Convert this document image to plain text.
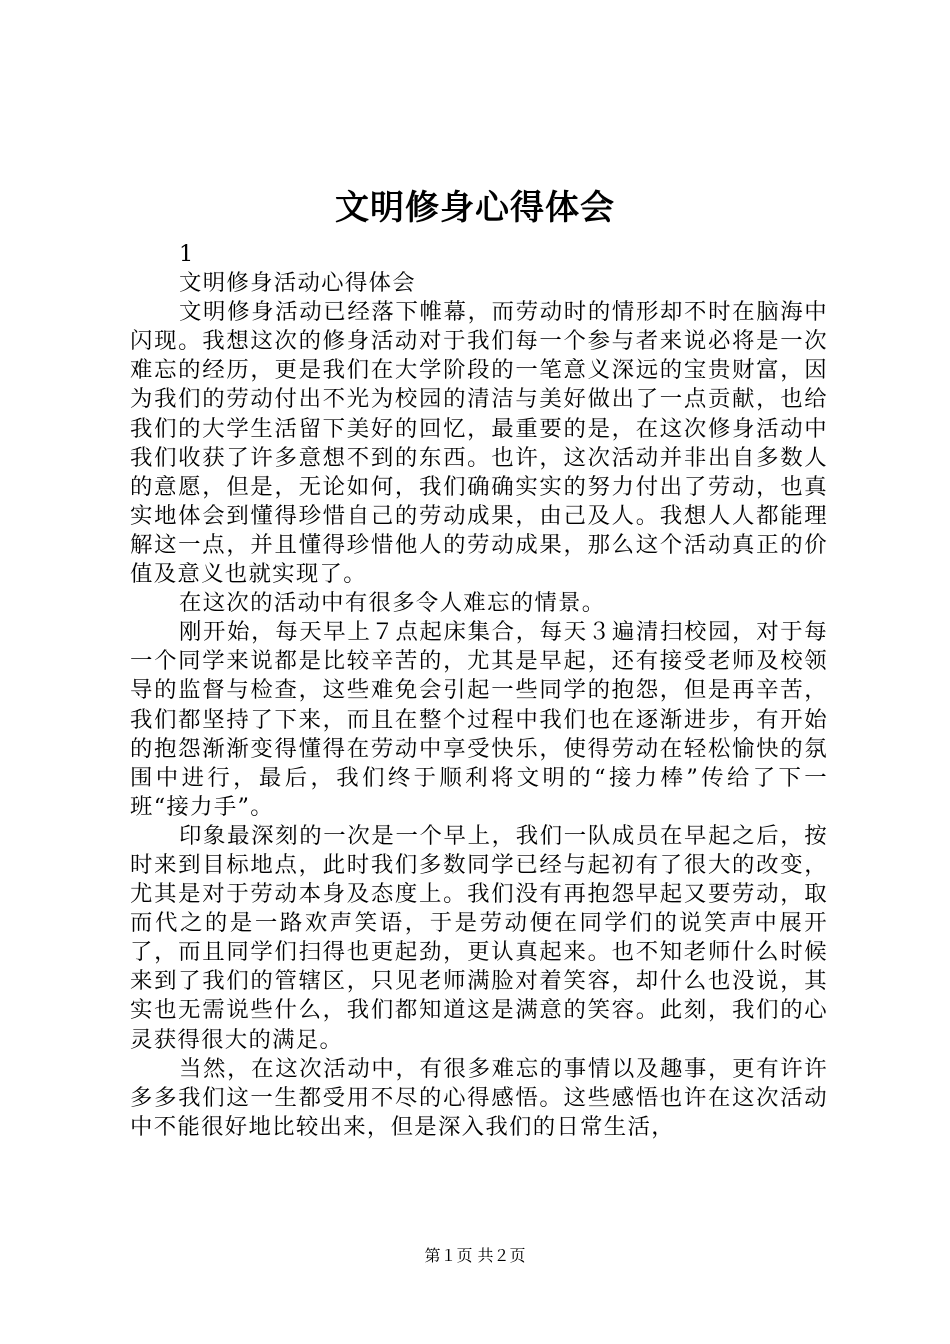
文明修身心得体会

1

文明修身活动心得体会

文明修身活动已经落下帷幕，而劳动时的情形却不时在脑海中闪现。我想这次的修身活动对于我们每一个参与者来说必将是一次难忘的经历，更是我们在大学阶段的一笔意义深远的宝贵财富，因为我们的劳动付出不光为校园的清洁与美好做出了一点贡献，也给我们的大学生活留下美好的回忆，最重要的是，在这次修身活动中我们收获了许多意想不到的东西。也许，这次活动并非出自多数人的意愿，但是，无论如何，我们确确实实的努力付出了劳动，也真实地体会到懂得珍惜自己的劳动成果，由己及人。我想人人都能理解这一点，并且懂得珍惜他人的劳动成果，那么这个活动真正的价值及意义也就实现了。

在这次的活动中有很多令人难忘的情景。

刚开始，每天早上７点起床集合，每天３遍清扫校园，对于每一个同学来说都是比较辛苦的，尤其是早起，还有接受老师及校领导的监督与检查，这些难免会引起一些同学的抱怨，但是再辛苦，我们都坚持了下来，而且在整个过程中我们也在逐渐进步，有开始的抱怨渐渐变得懂得在劳动中享受快乐，使得劳动在轻松愉快的氛围中进行，最后，我们终于顺利将文明的“接力棒”传给了下一班“接力手”。

印象最深刻的一次是一个早上，我们一队成员在早起之后，按时来到目标地点，此时我们多数同学已经与起初有了很大的改变，尤其是对于劳动本身及态度上。我们没有再抱怨早起又要劳动，取而代之的是一路欢声笑语，于是劳动便在同学们的说笑声中展开了，而且同学们扫得也更起劲，更认真起来。也不知老师什么时候来到了我们的管辖区，只见老师满脸对着笑容，却什么也没说，其实也无需说些什么，我们都知道这是满意的笑容。此刻，我们的心灵获得很大的满足。

当然，在这次活动中，有很多难忘的事情以及趣事，更有许许多多我们这一生都受用不尽的心得感悟。这些感悟也许在这次活动中不能很好地比较出来，但是深入我们的日常生活，

第１页 共２页
